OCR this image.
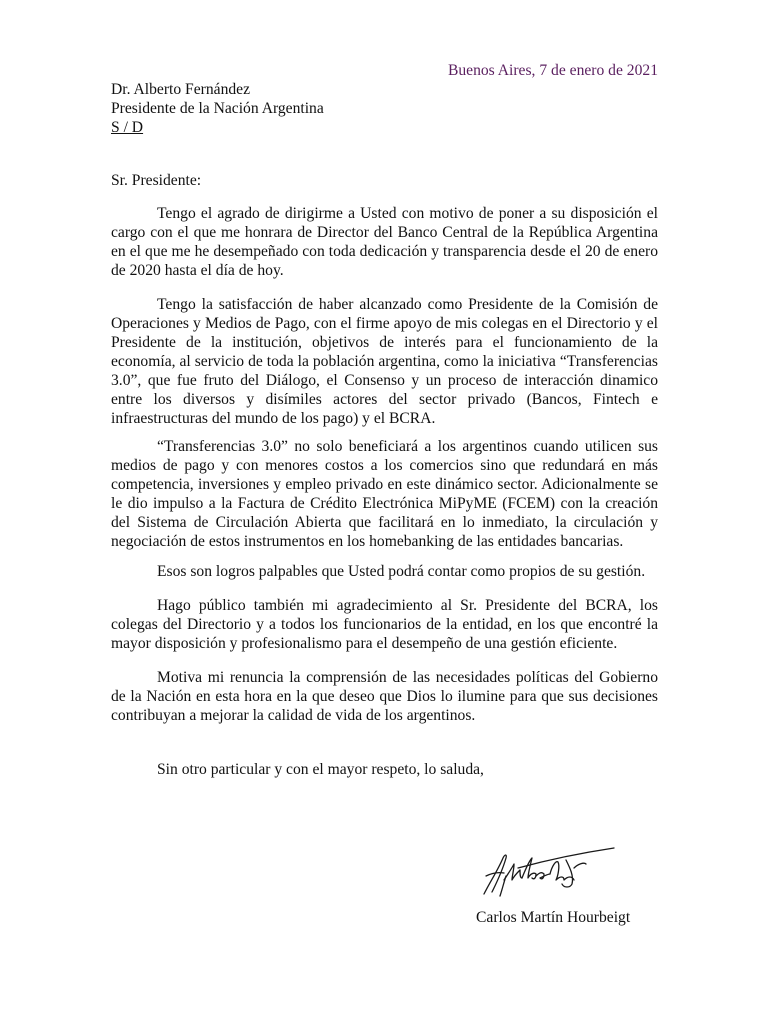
Buenos Aires, 7 de enero de 2021
Dr. Alberto Fernández
Presidente de la Nación Argentina
S / D
Sr. Presidente:

Tengo el agrado de dirigirme a Usted con motivo de poner a su disposición el cargo con el que me honrara de Director del Banco Central de la República Argentina en el que me he desempeñado con toda dedicación y transparencia desde el 20 de enero de 2020 hasta el día de hoy.

Tengo la satisfacción de haber alcanzado como Presidente de la Comisión de Operaciones y Medios de Pago, con el firme apoyo de mis colegas en el Directorio y el Presidente de la institución, objetivos de interés para el funcionamiento de la economía, al servicio de toda la población argentina, como la iniciativa “Transferencias 3.0”, que fue fruto del Diálogo, el Consenso y un proceso de interacción dinamico entre los diversos y disímiles actores del sector privado (Bancos, Fintech e infraestructuras del mundo de los pago) y el BCRA.

“Transferencias 3.0” no solo beneficiará a los argentinos cuando utilicen sus medios de pago y con menores costos a los comercios sino que redundará en más competencia, inversiones y empleo privado en este dinámico sector. Adicionalmente se le dio impulso a la Factura de Crédito Electrónica MiPyME (FCEM) con la creación del Sistema de Circulación Abierta que facilitará en lo inmediato, la circulación y negociación de estos instrumentos en los homebanking de las entidades bancarias.

Esos son logros palpables que Usted podrá contar como propios de su gestión.

Hago público también mi agradecimiento al Sr. Presidente del BCRA, los colegas del Directorio y a todos los funcionarios de la entidad, en los que encontré la mayor disposición y profesionalismo para el desempeño de una gestión eficiente.

Motiva mi renuncia la comprensión de las necesidades políticas del Gobierno de la Nación en esta hora en la que deseo que Dios lo ilumine para que sus decisiones contribuyan a mejorar la calidad de vida de los argentinos.

Sin otro particular y con el mayor respeto, lo saluda,
Carlos Martín Hourbeigt
